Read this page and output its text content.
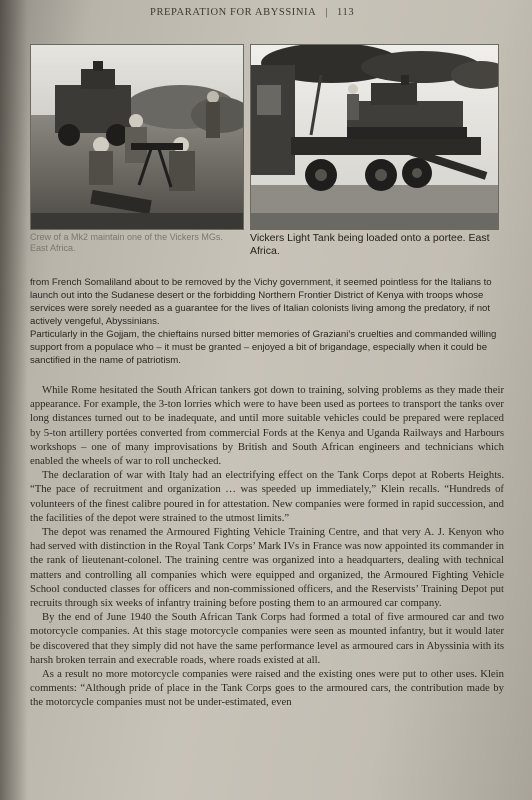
PREPARATION FOR ABYSSINIA | 113
Crew of a Mk2 maintain one of the Vickers MGs. East Africa.
Vickers Light Tank being loaded onto a portee. East Africa.

from French Somaliland about to be removed by the Vichy government, it seemed pointless for the Italians to launch out into the Sudanese desert or the forbidding Northern Frontier District of Kenya with troops whose services were sorely needed as a guarantee for the lives of Italian colonists living among the predatory, if not actively vengeful, Abyssinians.

Particularly in the Gojjam, the chieftains nursed bitter memories of Graziani’s cruelties and commanded willing support from a populace who – it must be granted – enjoyed a bit of brigandage, especially when it could be sanctified in the name of patriotism.

While Rome hesitated the South African tankers got down to training, solving problems as they made their appearance. For example, the 3-ton lorries which were to have been used as portees to transport the tanks over long distances turned out to be inadequate, and until more suitable vehicles could be prepared were replaced by 5-ton artillery portées converted from commercial Fords at the Kenya and Uganda Railways and Harbours workshops – one of many improvisations by British and South African engineers and technicians which enabled the wheels of war to roll unchecked.

The declaration of war with Italy had an electrifying effect on the Tank Corps depot at Roberts Heights. “The pace of recruitment and organization … was speeded up immediately,” Klein recalls. “Hundreds of volunteers of the finest calibre poured in for attestation. New companies were formed in rapid succession, and the facilities of the depot were strained to the utmost limits.”

The depot was renamed the Armoured Fighting Vehicle Training Centre, and that very A. J. Kenyon who had served with distinction in the Royal Tank Corps’ Mark IVs in France was now appointed its commander in the rank of lieutenant-colonel. The training centre was organized into a headquarters, dealing with technical matters and controlling all companies which were equipped and organized, the Armoured Fighting Vehicle School conducted classes for officers and non-commissioned officers, and the Reservists’ Training Depot put recruits through six weeks of infantry training before posting them to an armoured car company.

By the end of June 1940 the South African Tank Corps had formed a total of five armoured car and two motorcycle companies. At this stage motorcycle companies were seen as mounted infantry, but it would later be discovered that they simply did not have the same performance level as armoured cars in Abyssinia with its harsh broken terrain and execrable roads, where roads existed at all.

As a result no more motorcycle companies were raised and the existing ones were put to other uses. Klein comments: “Although pride of place in the Tank Corps goes to the armoured cars, the contribution made by the motorcycle companies must not be under-estimated, even
